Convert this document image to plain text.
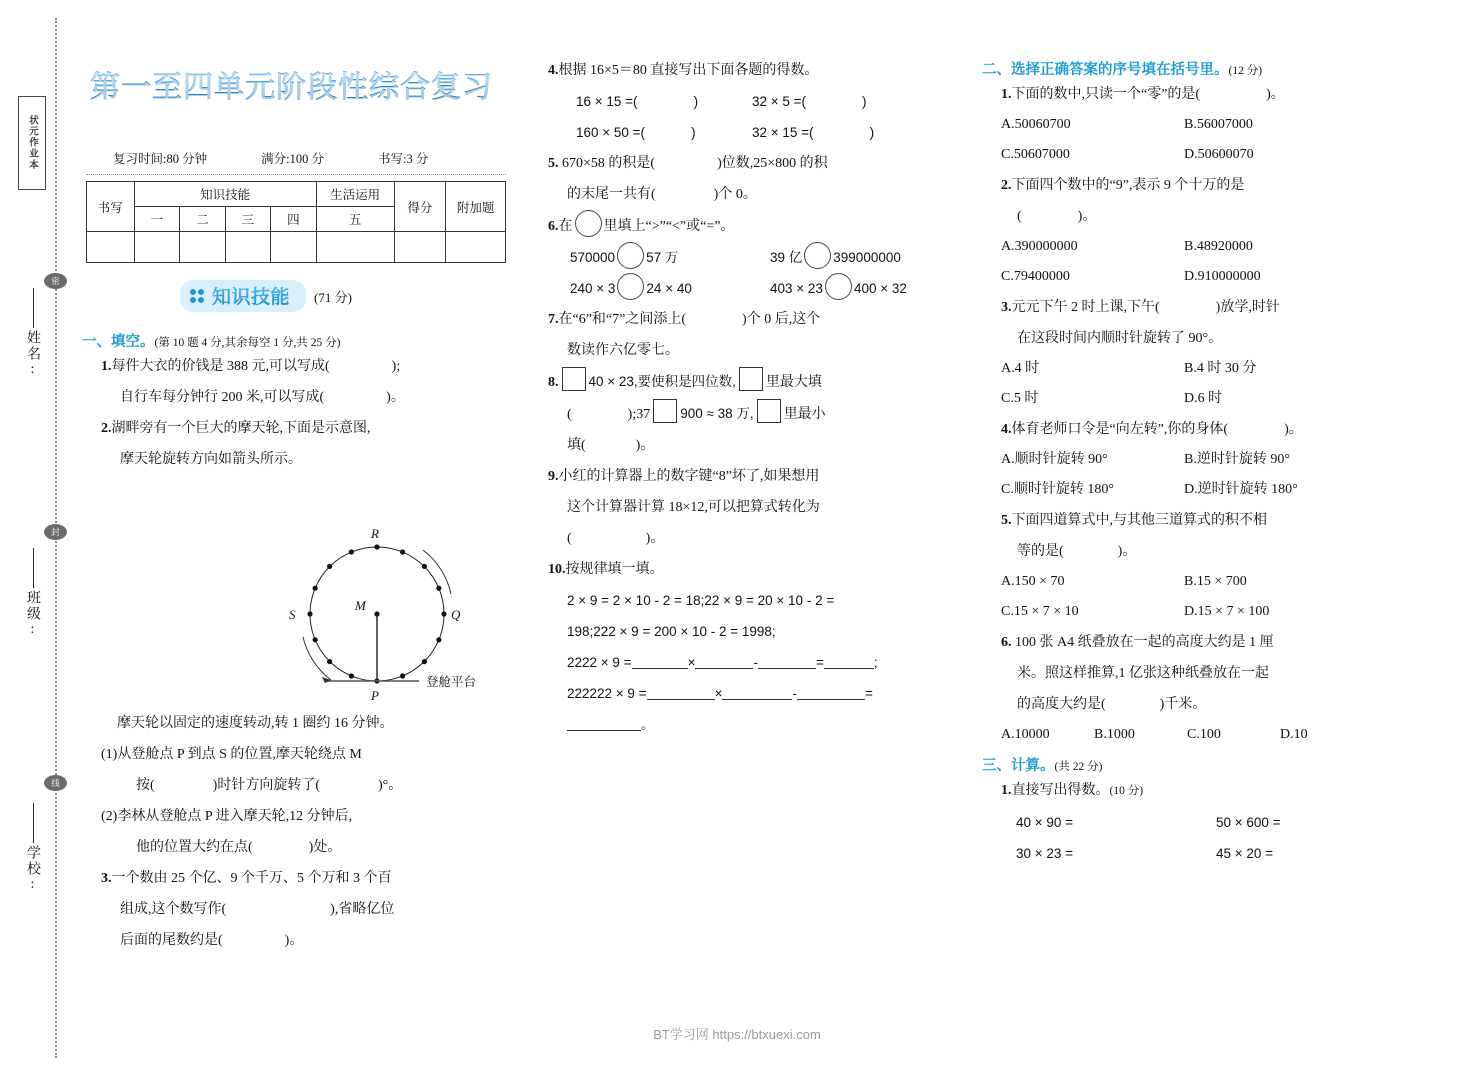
状元作业本
密
封
线
姓名:
班级:
学校:
第一至四单元阶段性综合复习
复习时间:80 分钟	满分:100 分	书写:3 分
书写	知识技能				生活运用	得分	附加题
	一	二	三	四	五		

知识技能 (71 分)
一、填空。(第 10 题 4 分,其余每空 1 分,共 25 分)
1.每件大衣的价钱是 388 元,可以写成(	);
自行车每分钟行 200 米,可以写成(	)。
2.湖畔旁有一个巨大的摩天轮,下面是示意图,
摩天轮旋转方向如箭头所示。
R
S
M
Q
P
登舱平台
摩天轮以固定的速度转动,转 1 圈约 16 分钟。
(1)从登舱点 P 到点 S 的位置,摩天轮绕点 M
按(	)时针方向旋转了(	)°。
(2)李林从登舱点 P 进入摩天轮,12 分钟后,
他的位置大约在点(	)处。
3.一个数由 25 个亿、9 个千万、5 个万和 3 个百
组成,这个数写作(	),省略亿位
后面的尾数约是(	)。
4.根据 16×5＝80 直接写出下面各题的得数。
16 × 15 =(	)	32 × 5 =(	)
160 × 50 =(	)	32 × 15 =(	)
5. 670×58 的积是(	)位数,25×800 的积
的末尾一共有(	)个 0。
6.在 里填上“>”“<”或“=”。
570000 57 万	39 亿 399000000
240 × 3 24 × 40	403 × 23 400 × 32
7.在“6”和“7”之间添上(	)个 0 后,这个
数读作六亿零七。
8. 40 × 23,要使积是四位数, 里最大填
(	);37 900 ≈ 38 万, 里最小
填(	)。
9.小红的计算器上的数字键“8”坏了,如果想用
这个计算器计算 18×12,可以把算式转化为
(	)。
10.按规律填一填。
2 × 9 = 2 × 10 - 2 = 18;22 × 9 = 20 × 10 - 2 =
198;222 × 9 = 200 × 10 - 2 = 1998;
2222 × 9 =	×	-	=	;
222222 × 9 =	×	-	=
。
二、选择正确答案的序号填在括号里。(12 分)
1.下面的数中,只读一个“零”的是(	)。
A.50060700	B.56007000
C.50607000	D.50600070
2.下面四个数中的“9”,表示 9 个十万的是
(	)。
A.390000000	B.48920000
C.79400000	D.910000000
3.元元下午 2 时上课,下午(	)放学,时针
在这段时间内顺时针旋转了 90°。
A.4 时	B.4 时 30 分
C.5 时	D.6 时
4.体育老师口令是“向左转”,你的身体(	)。
A.顺时针旋转 90°	B.逆时针旋转 90°
C.顺时针旋转 180°	D.逆时针旋转 180°
5.下面四道算式中,与其他三道算式的积不相
等的是(	)。
A.150 × 70	B.15 × 700
C.15 × 7 × 10	D.15 × 7 × 100
6. 100 张 A4 纸叠放在一起的高度大约是 1 厘
米。照这样推算,1 亿张这种纸叠放在一起
的高度大约是(	)千米。
A.10000	B.1000	C.100	D.10
三、计算。(共 22 分)
1.直接写出得数。(10 分)
40 × 90 =	50 × 600 =
30 × 23 =	45 × 20 =
BT学习网 https://btxuexi.com
